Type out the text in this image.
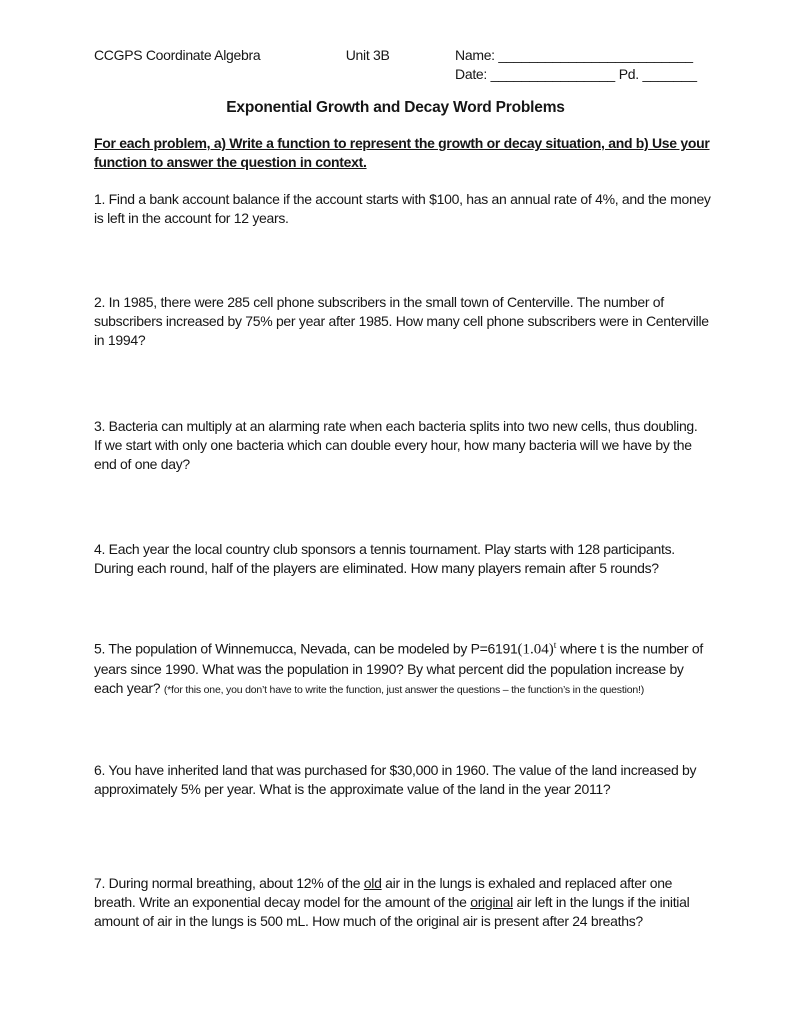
CCGPS Coordinate Algebra	Unit 3B	Name: _________________________
Date: ________________ Pd. _______
Exponential Growth and Decay Word Problems
For each problem, a) Write a function to represent the growth or decay situation, and b) Use your
function to answer the question in context.
1. Find a bank account balance if the account starts with $100, has an annual rate of 4%, and the money
is left in the account for 12 years.
2. In 1985, there were 285 cell phone subscribers in the small town of Centerville. The number of
subscribers increased by 75% per year after 1985. How many cell phone subscribers were in Centerville
in 1994?
3. Bacteria can multiply at an alarming rate when each bacteria splits into two new cells, thus doubling.
If we start with only one bacteria which can double every hour, how many bacteria will we have by the
end of one day?
4. Each year the local country club sponsors a tennis tournament. Play starts with 128 participants.
During each round, half of the players are eliminated. How many players remain after 5 rounds?
5. The population of Winnemucca, Nevada, can be modeled by $P=6191(1.04)^t$ where t is the number of
years since 1990. What was the population in 1990? By what percent did the population increase by
each year? (*for this one, you don’t have to write the function, just answer the questions – the function’s in the question!)
6. You have inherited land that was purchased for $30,000 in 1960. The value of the land increased by
approximately 5% per year. What is the approximate value of the land in the year 2011?
7. During normal breathing, about 12% of the old air in the lungs is exhaled and replaced after one
breath. Write an exponential decay model for the amount of the original air left in the lungs if the initial
amount of air in the lungs is 500 mL. How much of the original air is present after 24 breaths?
